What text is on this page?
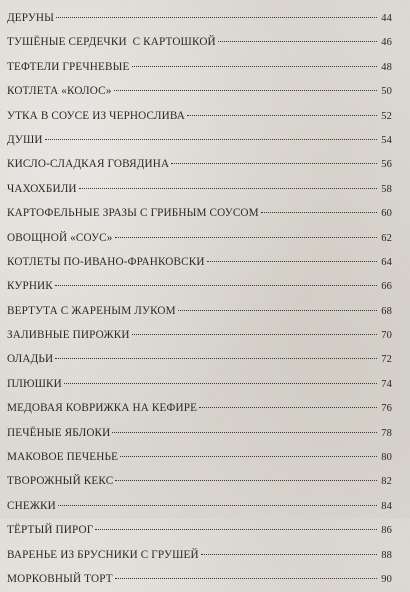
ДЕРУНЫ	44
ТУШЁНЫЕ СЕРДЕЧКИ  С КАРТОШКОЙ	46
ТЕФТЕЛИ ГРЕЧНЕВЫЕ	48
КОТЛЕТА «КОЛОС»	50
УТКА В СОУСЕ ИЗ ЧЕРНОСЛИВА	52
ДУШИ	54
КИСЛО-СЛАДКАЯ ГОВЯДИНА	56
ЧАХОХБИЛИ	58
КАРТОФЕЛЬНЫЕ ЗРАЗЫ С ГРИБНЫМ СОУСОМ	60
ОВОЩНОЙ «СОУС»	62
КОТЛЕТЫ ПО-ИВАНО-ФРАНКОВСКИ	64
КУРНИК	66
ВЕРТУТА С ЖАРЕНЫМ ЛУКОМ	68
ЗАЛИВНЫЕ ПИРОЖКИ	70
ОЛАДЬИ	72
ПЛЮШКИ	74
МЕДОВАЯ КОВРИЖКА НА КЕФИРЕ	76
ПЕЧЁНЫЕ ЯБЛОКИ	78
МАКОВОЕ ПЕЧЕНЬЕ	80
ТВОРОЖНЫЙ КЕКС	82
СНЕЖКИ	84
ТЁРТЫЙ ПИРОГ	86
ВАРЕНЬЕ ИЗ БРУСНИКИ С ГРУШЕЙ	88
МОРКОВНЫЙ ТОРТ	90
